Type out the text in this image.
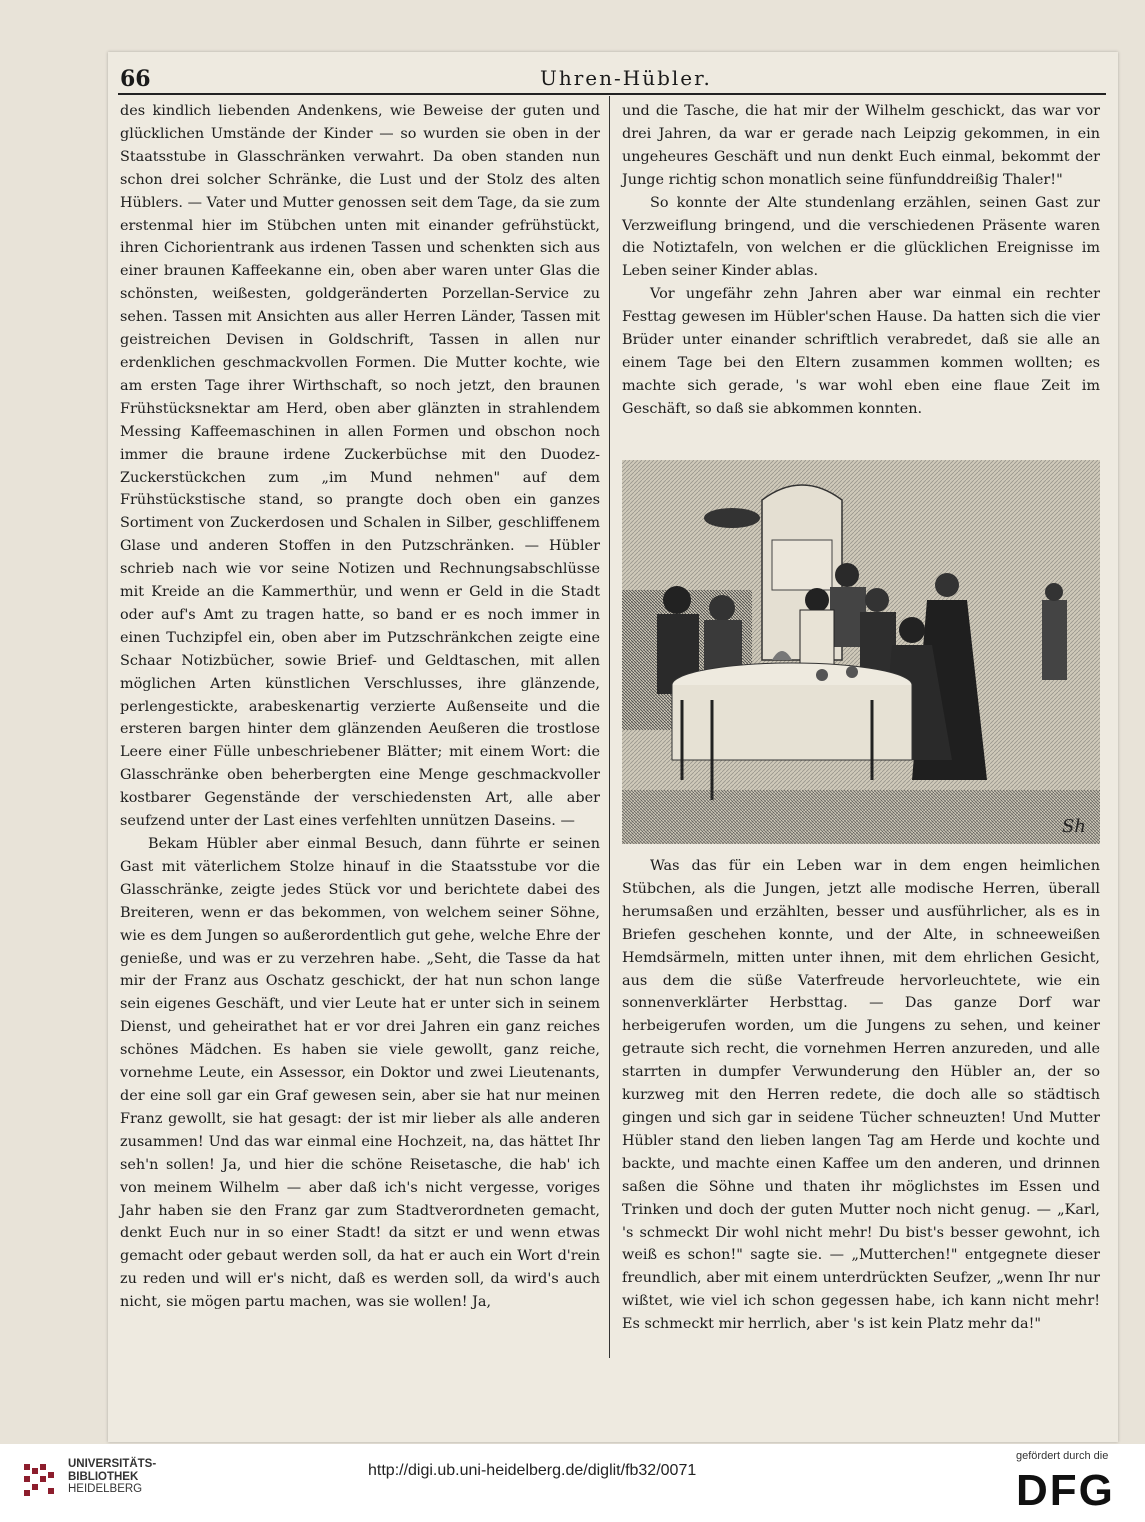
66	Uhren-Hübler.

des kindlich liebenden Andenkens, wie Beweise der guten und glücklichen Umstände der Kinder — so wurden sie oben in der Staatsstube in Glasschränken verwahrt. Da oben standen nun schon drei solcher Schränke, die Lust und der Stolz des alten Hüblers. — Vater und Mutter genossen seit dem Tage, da sie zum erstenmal hier im Stübchen unten mit einander gefrühstückt, ihren Cichorientrank aus irdenen Tassen und schenkten sich aus einer braunen Kaffeekanne ein, oben aber waren unter Glas die schönsten, weißesten, goldgeränderten Porzellan-Service zu sehen. Tassen mit Ansichten aus aller Herren Länder, Tassen mit geistreichen Devisen in Goldschrift, Tassen in allen nur erdenklichen geschmackvollen Formen. Die Mutter kochte, wie am ersten Tage ihrer Wirthschaft, so noch jetzt, den braunen Frühstücksnektar am Herd, oben aber glänzten in strahlendem Messing Kaffeemaschinen in allen Formen und obschon noch immer die braune irdene Zuckerbüchse mit den Duodez-Zuckerstückchen zum „im Mund nehmen" auf dem Frühstückstische stand, so prangte doch oben ein ganzes Sortiment von Zuckerdosen und Schalen in Silber, geschliffenem Glase und anderen Stoffen in den Putzschränken. — Hübler schrieb nach wie vor seine Notizen und Rechnungsabschlüsse mit Kreide an die Kammerthür, und wenn er Geld in die Stadt oder auf's Amt zu tragen hatte, so band er es noch immer in einen Tuchzipfel ein, oben aber im Putzschränkchen zeigte eine Schaar Notizbücher, sowie Brief- und Geldtaschen, mit allen möglichen Arten künstlichen Verschlusses, ihre glänzende, perlengestickte, arabeskenartig verzierte Außenseite und die ersteren bargen hinter dem glänzenden Aeußeren die trostlose Leere einer Fülle unbeschriebener Blätter; mit einem Wort: die Glasschränke oben beherbergten eine Menge geschmackvoller kostbarer Gegenstände der verschiedensten Art, alle aber seufzend unter der Last eines verfehlten unnützen Daseins. —

Bekam Hübler aber einmal Besuch, dann führte er seinen Gast mit väterlichem Stolze hinauf in die Staatsstube vor die Glasschränke, zeigte jedes Stück vor und berichtete dabei des Breiteren, wenn er das bekommen, von welchem seiner Söhne, wie es dem Jungen so außerordentlich gut gehe, welche Ehre der genieße, und was er zu verzehren habe. „Seht, die Tasse da hat mir der Franz aus Oschatz geschickt, der hat nun schon lange sein eigenes Geschäft, und vier Leute hat er unter sich in seinem Dienst, und geheirathet hat er vor drei Jahren ein ganz reiches schönes Mädchen. Es haben sie viele gewollt, ganz reiche, vornehme Leute, ein Assessor, ein Doktor und zwei Lieutenants, der eine soll gar ein Graf gewesen sein, aber sie hat nur meinen Franz gewollt, sie hat gesagt: der ist mir lieber als alle anderen zusammen! Und das war einmal eine Hochzeit, na, das hättet Ihr seh'n sollen! Ja, und hier die schöne Reisetasche, die hab' ich von meinem Wilhelm — aber daß ich's nicht vergesse, voriges Jahr haben sie den Franz gar zum Stadtverordneten gemacht, denkt Euch nur in so einer Stadt! da sitzt er und wenn etwas gemacht oder gebaut werden soll, da hat er auch ein Wort d'rein zu reden und will er's nicht, daß es werden soll, da wird's auch nicht, sie mögen partu machen, was sie wollen! Ja,

und die Tasche, die hat mir der Wilhelm geschickt, das war vor drei Jahren, da war er gerade nach Leipzig gekommen, in ein ungeheures Geschäft und nun denkt Euch einmal, bekommt der Junge richtig schon monatlich seine fünfunddreißig Thaler!"

So konnte der Alte stundenlang erzählen, seinen Gast zur Verzweiflung bringend, und die verschiedenen Präsente waren die Notiztafeln, von welchen er die glücklichen Ereignisse im Leben seiner Kinder ablas.

Vor ungefähr zehn Jahren aber war einmal ein rechter Festtag gewesen im Hübler'schen Hause. Da hatten sich die vier Brüder unter einander schriftlich verabredet, daß sie alle an einem Tage bei den Eltern zusammen kommen wollten; es machte sich gerade, 's war wohl eben eine flaue Zeit im Geschäft, so daß sie abkommen konnten.

Sh

Was das für ein Leben war in dem engen heimlichen Stübchen, als die Jungen, jetzt alle modische Herren, überall herumsaßen und erzählten, besser und ausführlicher, als es in Briefen geschehen konnte, und der Alte, in schneeweißen Hemdsärmeln, mitten unter ihnen, mit dem ehrlichen Gesicht, aus dem die süße Vaterfreude hervorleuchtete, wie ein sonnenverklärter Herbsttag. — Das ganze Dorf war herbeigerufen worden, um die Jungens zu sehen, und keiner getraute sich recht, die vornehmen Herren anzureden, und alle starrten in dumpfer Verwunderung den Hübler an, der so kurzweg mit den Herren redete, die doch alle so städtisch gingen und sich gar in seidene Tücher schneuzten! Und Mutter Hübler stand den lieben langen Tag am Herde und kochte und backte, und machte einen Kaffee um den anderen, und drinnen saßen die Söhne und thaten ihr möglichstes im Essen und Trinken und doch der guten Mutter noch nicht genug. — „Karl, 's schmeckt Dir wohl nicht mehr! Du bist's besser gewohnt, ich weiß es schon!" sagte sie. — „Mutterchen!" entgegnete dieser freundlich, aber mit einem unterdrückten Seufzer, „wenn Ihr nur wißtet, wie viel ich schon gegessen habe, ich kann nicht mehr! Es schmeckt mir herrlich, aber 's ist kein Platz mehr da!"

UNIVERSITÄTS-
BIBLIOTHEK
HEIDELBERG
http://digi.ub.uni-heidelberg.de/diglit/fb32/0071
gefördert durch die
DFG
